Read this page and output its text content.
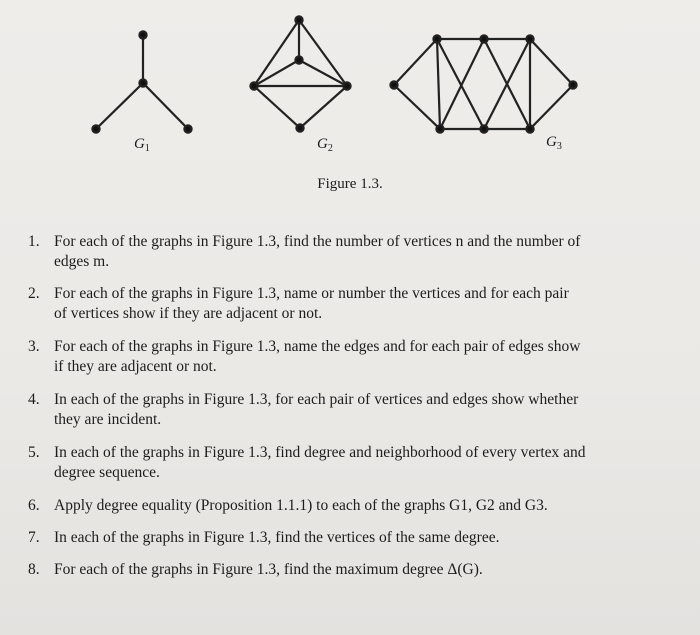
$G_1$	$G_2$	$G_3$
Figure 1.3.
1. For each of the graphs in Figure 1.3, find the number of vertices n and the number of
edges m.
2. For each of the graphs in Figure 1.3, name or number the vertices and for each pair
of vertices show if they are adjacent or not.
3. For each of the graphs in Figure 1.3, name the edges and for each pair of edges show
if they are adjacent or not.
4. In each of the graphs in Figure 1.3, for each pair of vertices and edges show whether
they are incident.
5. In each of the graphs in Figure 1.3, find degree and neighborhood of every vertex and
degree sequence.
6. Apply degree equality (Proposition 1.1.1) to each of the graphs G1, G2 and G3.
7. In each of the graphs in Figure 1.3, find the vertices of the same degree.
8. For each of the graphs in Figure 1.3, find the maximum degree Δ(G).
